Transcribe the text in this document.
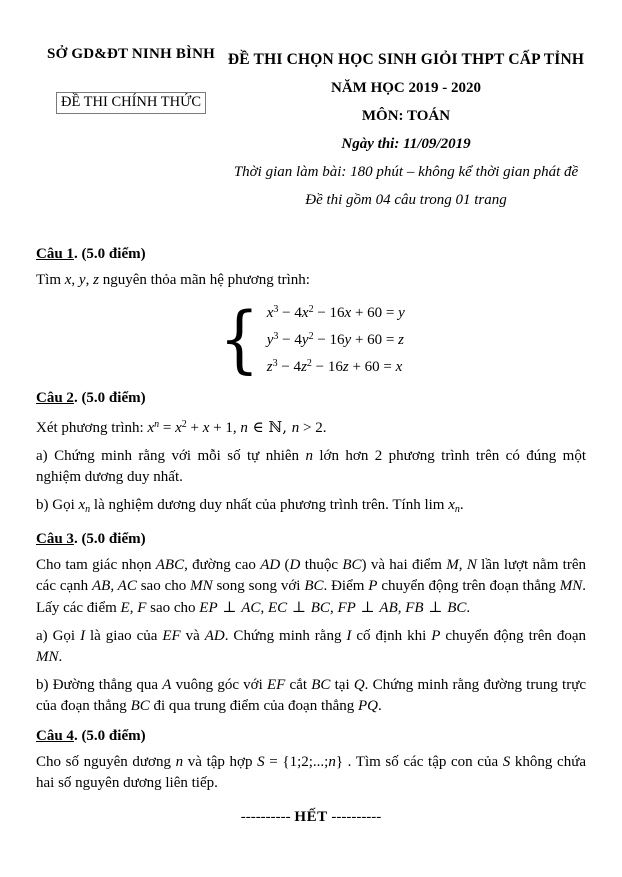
SỞ GD&ĐT NINH BÌNH
ĐỀ THI CHÍNH THỨC
ĐỀ THI CHỌN HỌC SINH GIỎI THPT CẤP TỈNH
NĂM HỌC 2019 - 2020
MÔN: TOÁN
Ngày thi: 11/09/2019
Thời gian làm bài: 180 phút – không kể thời gian phát đề
Đề thi gồm 04 câu trong 01 trang
Câu 1. (5.0 điểm)

Tìm x, y, z nguyên thỏa mãn hệ phương trình:

{ $x^3 - 4x^2 - 16x + 60 = y$
$y^3 - 4y^2 - 16y + 60 = z$
$z^3 - 4z^2 - 16z + 60 = x$
Câu 2. (5.0 điểm)

Xét phương trình: $x^n = x^2 + x + 1$, n ∈ ℕ, n > 2.

a) Chứng minh rằng với mỗi số tự nhiên n lớn hơn 2 phương trình trên có đúng một nghiệm dương duy nhất.

b) Gọi $x_n$ là nghiệm dương duy nhất của phương trình trên. Tính $\lim x_n$.

Câu 3. (5.0 điểm)

Cho tam giác nhọn ABC, đường cao AD (D thuộc BC) và hai điểm M, N lần lượt nằm trên các cạnh AB, AC sao cho MN song song với BC. Điểm P chuyển động trên đoạn thẳng MN. Lấy các điểm E, F sao cho EP ⊥ AC, EC ⊥ BC, FP ⊥ AB, FB ⊥ BC.

a) Gọi I là giao của EF và AD. Chứng minh rằng I cố định khi P chuyển động trên đoạn MN.

b) Đường thẳng qua A vuông góc với EF cắt BC tại Q. Chứng minh rằng đường trung trực của đoạn thẳng BC đi qua trung điểm của đoạn thẳng PQ.

Câu 4. (5.0 điểm)

Cho số nguyên dương n và tập hợp S = {1;2;...;n} . Tìm số các tập con của S không chứa hai số nguyên dương liên tiếp.

---------- HẾT ----------
